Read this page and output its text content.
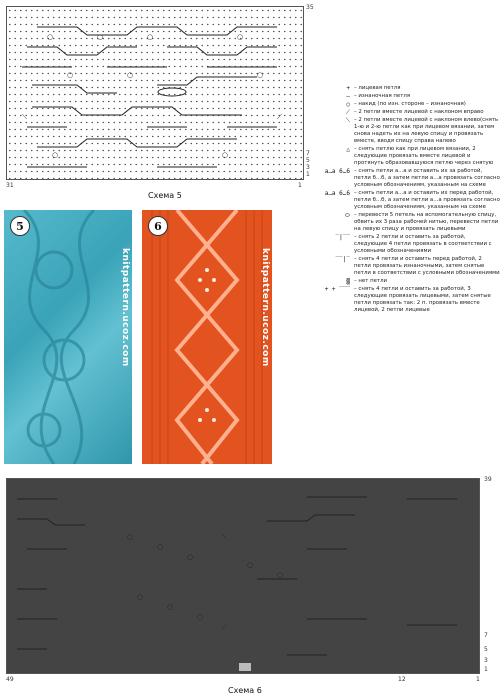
○	○	○	○
○	○	○
⟍	⟋
○	○
35
7
5
3
1
31	1
Схема 5
5
knitpattern.ucoz.com
6
knitpattern.ucoz.com
+ – лицевая петля
– – изнаночная петля
○ – накид (по изн. стороне – изнаночная)
⟋ – 2 петли вместе лицевой с наклоном вправо
⟍ – 2 петли вместе лицевой с наклоном влево(снять 1-ю и 2-ю петли как при лицевом вязании, затем снова надеть их на левую спицу и провязать вместе, вводя спицу справа налево
△ – снять петлю как при лицевом вязании, 2 следующие провязать вместе лицевой и протянуть образовавшуюся петлю через снятую
a…a 6…6 – снять петли а...а и оставить их за работой, петли б...б, а затем петли а...а провязать согласно условным обозначениям, указанным на схеме
a…a 6…6 – снять петли а...а и оставить их перед работой, петли б...б, а затем петли а...а провязать согласно условным обозначениям, указанным на схеме
⬭ – перевести 5 петель на вспомогательную спицу, обвить их 3 раза рабочей нитью, перевести петли на левую спицу и провязать лицевыми
‾|‾‾ – снять 2 петли и оставить за работой, следующие 4 петли провязать в соответствии с условными обозначениями
‾‾|‾ – снять 4 петли и оставить перед работой, 2 петли провязать изнаночными, затем снятые петли в соответствии с условными обозначениями
▒ – нет петли
+ + ‾‾‾ – снять 4 петли и оставить за работой, 3 следующие провязать лицевыми, затем снятые петли провязать так: 2 п. провязать вместе лицевой, 2 петли лицевые
○
○
○
○
○
○
○
○
⟍
⟋
39
7
5
3
1
49	12	1
Схема 6
